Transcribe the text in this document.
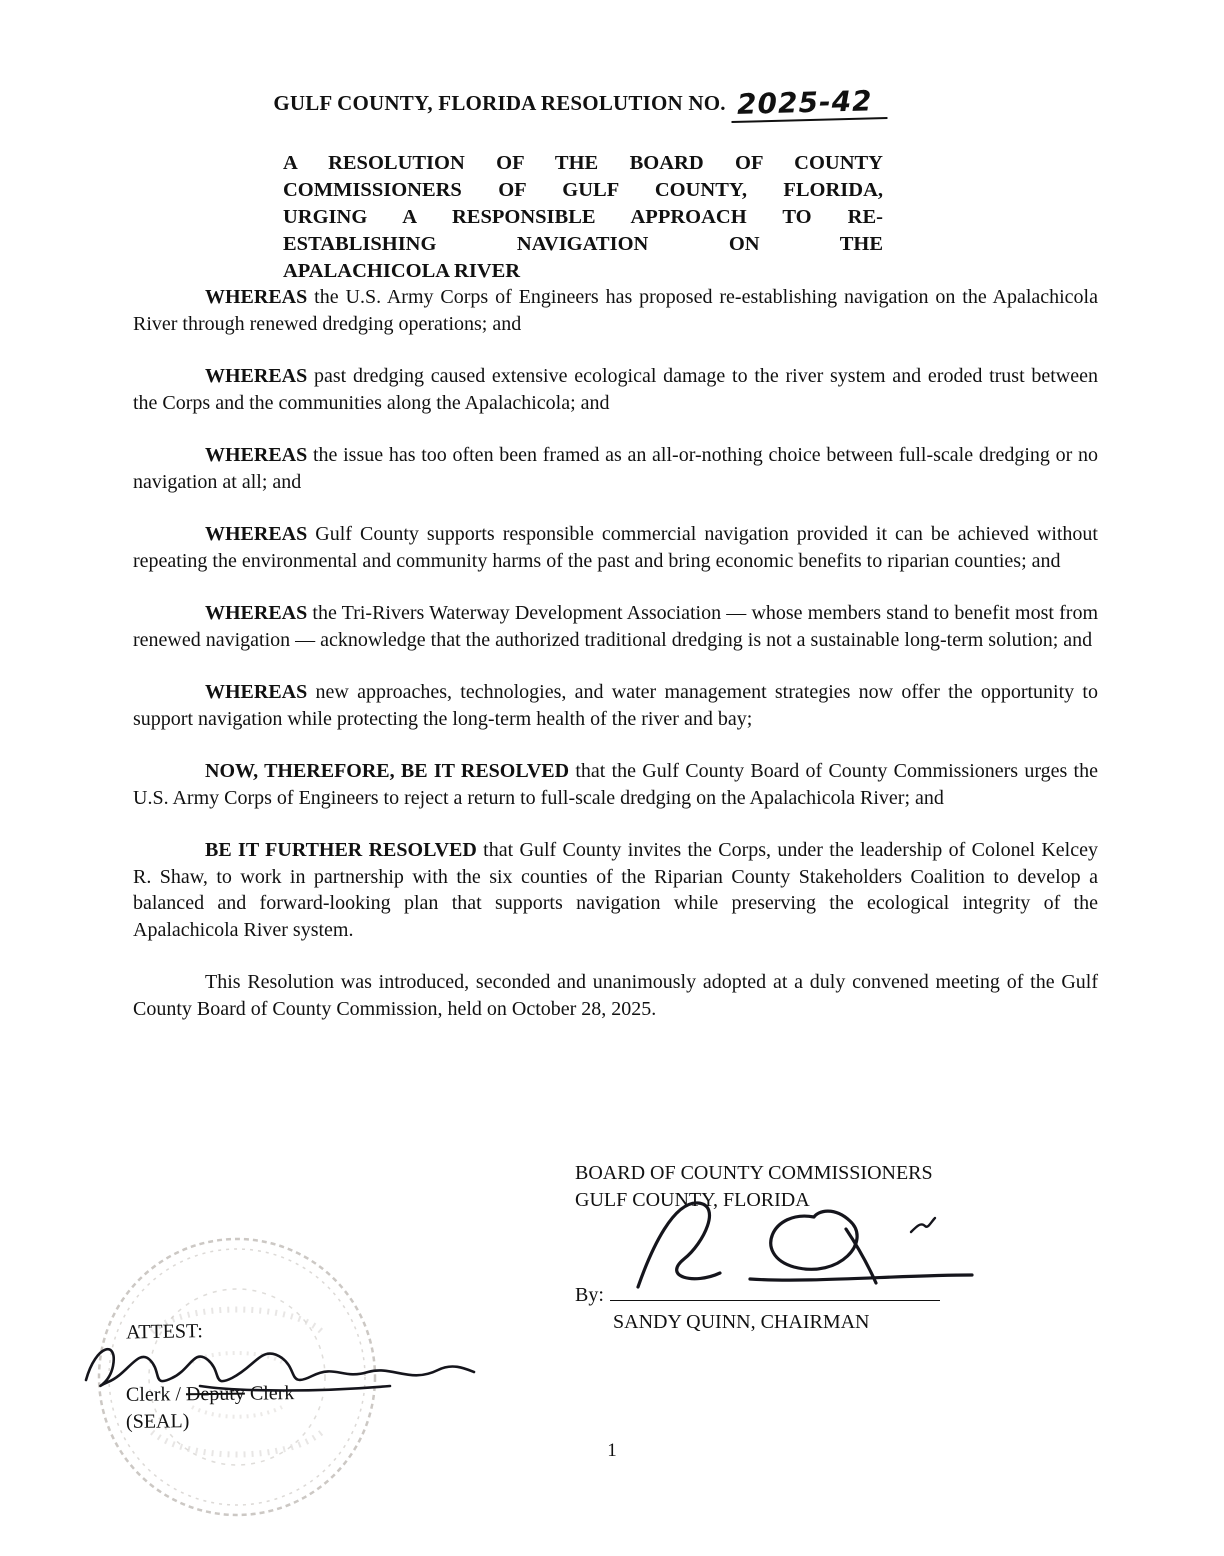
GULF COUNTY, FLORIDA RESOLUTION NO. 2025-42
A RESOLUTION OF THE BOARD OF COUNTY
COMMISSIONERS OF GULF COUNTY, FLORIDA,
URGING A RESPONSIBLE APPROACH TO RE-
ESTABLISHING NAVIGATION ON THE
APALACHICOLA RIVER

WHEREAS the U.S. Army Corps of Engineers has proposed re-establishing navigation on the Apalachicola River through renewed dredging operations; and

WHEREAS past dredging caused extensive ecological damage to the river system and eroded trust between the Corps and the communities along the Apalachicola; and

WHEREAS the issue has too often been framed as an all-or-nothing choice between full-scale dredging or no navigation at all; and

WHEREAS Gulf County supports responsible commercial navigation provided it can be achieved without repeating the environmental and community harms of the past and bring economic benefits to riparian counties; and

WHEREAS the Tri-Rivers Waterway Development Association — whose members stand to benefit most from renewed navigation — acknowledge that the authorized traditional dredging is not a sustainable long-term solution; and

WHEREAS new approaches, technologies, and water management strategies now offer the opportunity to support navigation while protecting the long-term health of the river and bay;

NOW, THEREFORE, BE IT RESOLVED that the Gulf County Board of County Commissioners urges the U.S. Army Corps of Engineers to reject a return to full-scale dredging on the Apalachicola River; and

BE IT FURTHER RESOLVED that Gulf County invites the Corps, under the leadership of Colonel Kelcey R. Shaw, to work in partnership with the six counties of the Riparian County Stakeholders Coalition to develop a balanced and forward-looking plan that supports navigation while preserving the ecological integrity of the Apalachicola River system.

This Resolution was introduced, seconded and unanimously adopted at a duly convened meeting of the Gulf County Board of County Commission, held on October 28, 2025.

BOARD OF COUNTY COMMISSIONERS
GULF COUNTY, FLORIDA
By:
SANDY QUINN, CHAIRMAN
ATTEST:
Clerk / Deputy Clerk
(SEAL)
1
